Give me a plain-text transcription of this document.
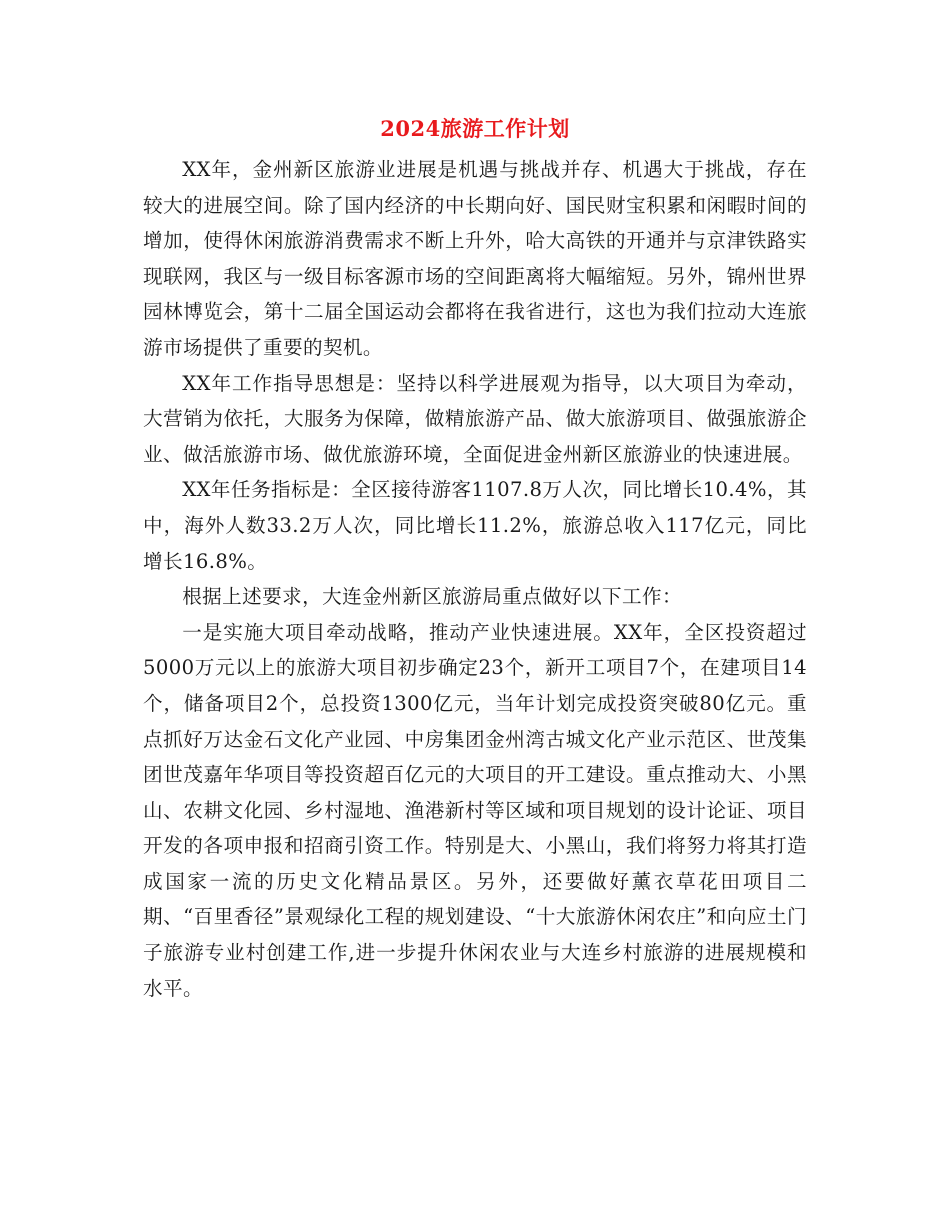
2024旅游工作计划

XX年，金州新区旅游业进展是机遇与挑战并存、机遇大于挑战，存在较大的进展空间。除了国内经济的中长期向好、国民财宝积累和闲暇时间的增加，使得休闲旅游消费需求不断上升外，哈大高铁的开通并与京津铁路实现联网，我区与一级目标客源市场的空间距离将大幅缩短。另外，锦州世界园林博览会，第十二届全国运动会都将在我省进行，这也为我们拉动大连旅游市场提供了重要的契机。

XX年工作指导思想是：坚持以科学进展观为指导，以大项目为牵动，大营销为依托，大服务为保障，做精旅游产品、做大旅游项目、做强旅游企业、做活旅游市场、做优旅游环境，全面促进金州新区旅游业的快速进展。

XX年任务指标是：全区接待游客1107.8万人次，同比增长10.4%，其中，海外人数33.2万人次，同比增长11.2%，旅游总收入117亿元，同比增长16.8%。

根据上述要求，大连金州新区旅游局重点做好以下工作：

一是实施大项目牵动战略，推动产业快速进展。XX年，全区投资超过5000万元以上的旅游大项目初步确定23个，新开工项目7个，在建项目14个，储备项目2个，总投资1300亿元，当年计划完成投资突破80亿元。重点抓好万达金石文化产业园、中房集团金州湾古城文化产业示范区、世茂集团世茂嘉年华项目等投资超百亿元的大项目的开工建设。重点推动大、小黑山、农耕文化园、乡村湿地、渔港新村等区域和项目规划的设计论证、项目开发的各项申报和招商引资工作。特别是大、小黑山，我们将努力将其打造成国家一流的历史文化精品景区。另外，还要做好薰衣草花田项目二期、“百里香径”景观绿化工程的规划建设、“十大旅游休闲农庄”和向应土门子旅游专业村创建工作,进一步提升休闲农业与大连乡村旅游的进展规模和水平。
